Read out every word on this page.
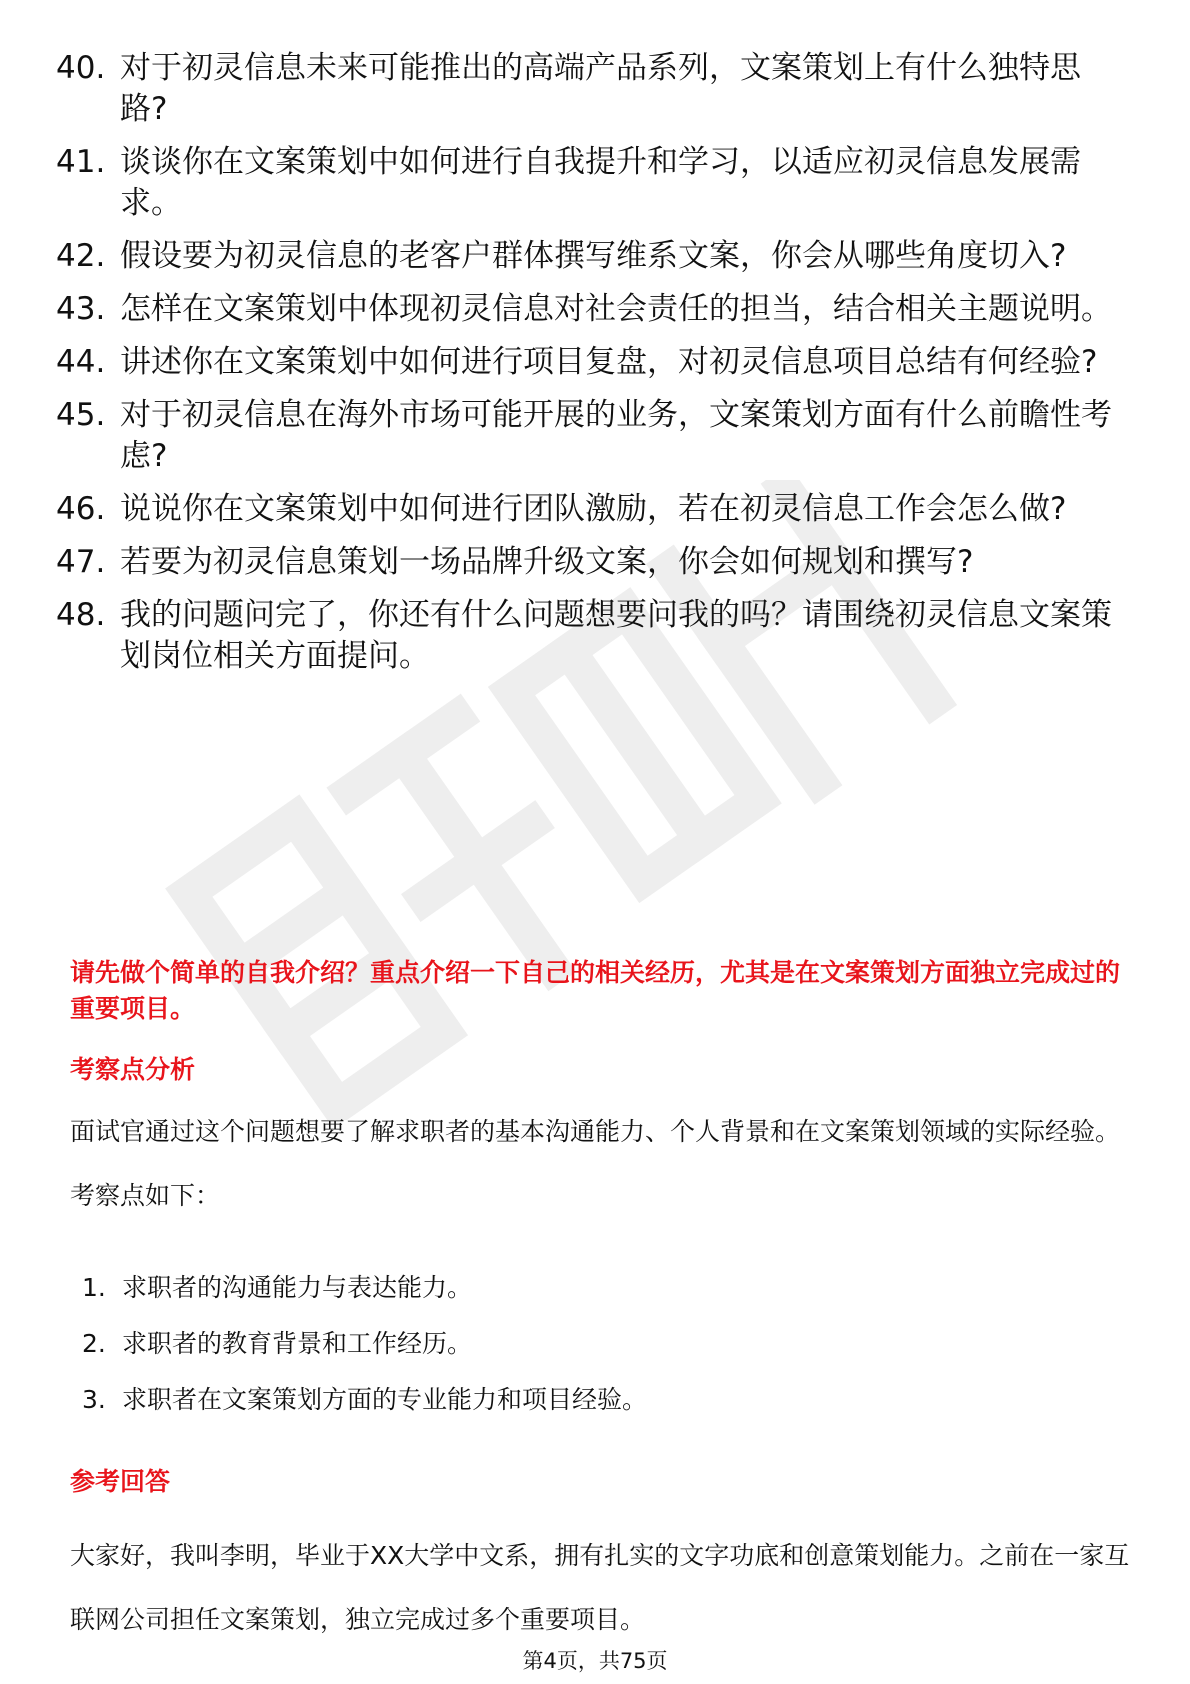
40. 对于初灵信息未来可能推出的高端产品系列，文案策划上有什么独特思路?
41. 谈谈你在文案策划中如何进行自我提升和学习，以适应初灵信息发展需求。
42. 假设要为初灵信息的老客户群体撰写维系文案，你会从哪些角度切入?
43. 怎样在文案策划中体现初灵信息对社会责任的担当，结合相关主题说明。
44. 讲述你在文案策划中如何进行项目复盘，对初灵信息项目总结有何经验?
45. 对于初灵信息在海外市场可能开展的业务，文案策划方面有什么前瞻性考虑?
46. 说说你在文案策划中如何进行团队激励，若在初灵信息工作会怎么做?
47. 若要为初灵信息策划一场品牌升级文案，你会如何规划和撰写?
48. 我的问题问完了，你还有什么问题想要问我的吗？请围绕初灵信息文案策划岗位相关方面提问。

请先做个简单的自我介绍？重点介绍一下自己的相关经历，尤其是在文案策划方面独立完成过的重要项目。

考察点分析

面试官通过这个问题想要了解求职者的基本沟通能力、个人背景和在文案策划领域的实际经验。考察点如下：

1. 求职者的沟通能力与表达能力。
2. 求职者的教育背景和工作经历。
3. 求职者在文案策划方面的专业能力和项目经验。
参考回答

大家好，我叫李明，毕业于XX大学中文系，拥有扎实的文字功底和创意策划能力。之前在一家互联网公司担任文案策划，独立完成过多个重要项目。

第4页，共75页
